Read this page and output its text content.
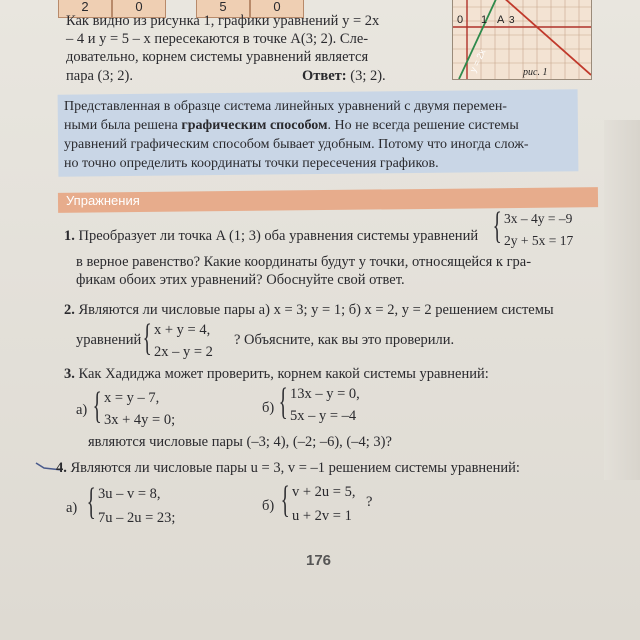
2	0	5	0
0 1 A 3
y = 2x	рис. 1
Как видно из рисунка 1, графики уравнений y = 2x
– 4 и y = 5 – x пересекаются в точке A(3; 2). Сле-
довательно, корнем системы уравнений является
пара (3; 2).	Ответ: (3; 2).
Представленная в образце система линейных уравнений с двумя перемен-
ными была решена графическим способом. Но не всегда решение системы
уравнений графическим способом бывает удобным. Потому что иногда слож-
но точно определить координаты точки пересечения графиков.
Упражнения
1. Преобразует ли точка A (1; 3) оба уравнения системы уравнений { 3x – 4y = –9
2y + 5x = 17
в верное равенство? Какие координаты будут у точки, относящейся к гра-
фикам обоих этих уравнений? Обоснуйте свой ответ.
2. Являются ли числовые пары а) x = 3; y = 1; б) x = 2, y = 2 решением системы
уравнений { x + y = 4,
2x – y = 2
? Объясните, как вы это проверили.
3. Как Хадиджа может проверить, корнем какой системы уравнений:
а) { x = y – 7,
3x + 4y = 0;
б) { 13x – y = 0,
5x – y = –4
являются числовые пары (–3; 4), (–2; –6), (–4; 3)?
4. Являются ли числовые пары u = 3, v = –1 решением системы уравнений:
а) { 3u – v = 8,
7u – 2u = 23;
б) { v + 2u = 5,
u + 2v = 1
?
176
